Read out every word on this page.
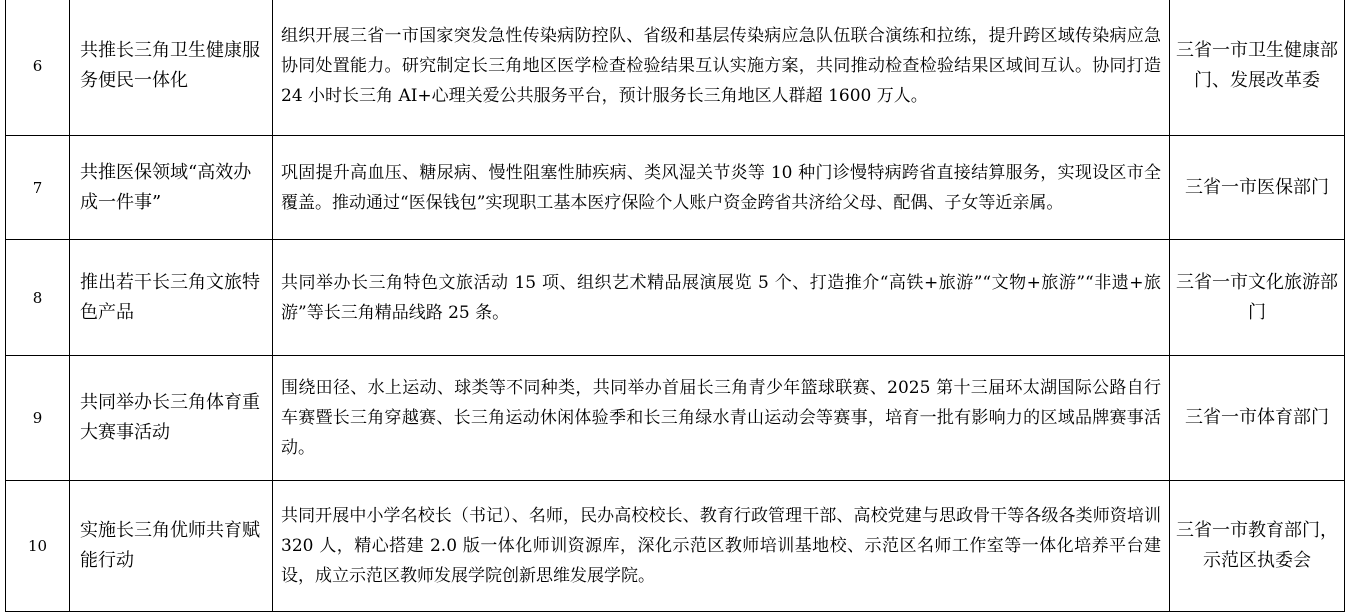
6	共推长三角卫生健康服务便民一体化	组织开展三省一市国家突发急性传染病防控队、省级和基层传染病应急队伍联合演练和拉练，提升跨区域传染病应急协同处置能力。研究制定长三角地区医学检查检验结果互认实施方案，共同推动检查检验结果区域间互认。协同打造 24 小时长三角 AI+心理关爱公共服务平台，预计服务长三角地区人群超 1600 万人。	三省一市卫生健康部门、发展改革委
7	共推医保领域“高效办成一件事”	巩固提升高血压、糖尿病、慢性阻塞性肺疾病、类风湿关节炎等 10 种门诊慢特病跨省直接结算服务，实现设区市全覆盖。推动通过“医保钱包”实现职工基本医疗保险个人账户资金跨省共济给父母、配偶、子女等近亲属。	三省一市医保部门
8	推出若干长三角文旅特色产品	共同举办长三角特色文旅活动 15 项、组织艺术精品展演展览 5 个、打造推介“高铁+旅游”“文物+旅游”“非遗+旅游”等长三角精品线路 25 条。	三省一市文化旅游部门
9	共同举办长三角体育重大赛事活动	围绕田径、水上运动、球类等不同种类，共同举办首届长三角青少年篮球联赛、2025 第十三届环太湖国际公路自行车赛暨长三角穿越赛、长三角运动休闲体验季和长三角绿水青山运动会等赛事，培育一批有影响力的区域品牌赛事活动。	三省一市体育部门
10	实施长三角优师共育赋能行动	共同开展中小学名校长（书记）、名师，民办高校校长、教育行政管理干部、高校党建与思政骨干等各级各类师资培训 320 人，精心搭建 2.0 版一体化师训资源库，深化示范区教师培训基地校、示范区名师工作室等一体化培养平台建设，成立示范区教师发展学院创新思维发展学院。	三省一市教育部门，示范区执委会
